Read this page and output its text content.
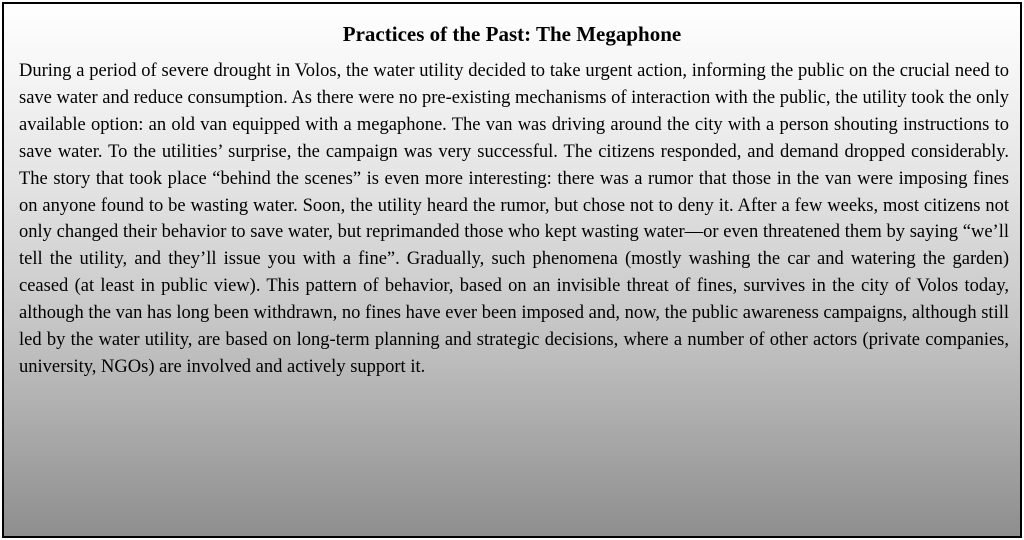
Practices of the Past: The Megaphone

During a period of severe drought in Volos, the water utility decided to take urgent action, informing the public on the crucial need to save water and reduce consumption. As there were no pre-existing mechanisms of interaction with the public, the utility took the only available option: an old van equipped with a megaphone. The van was driving around the city with a person shouting instructions to save water. To the utilities’ surprise, the campaign was very successful. The citizens responded, and demand dropped considerably. The story that took place “behind the scenes” is even more interesting: there was a rumor that those in the van were imposing fines on anyone found to be wasting water. Soon, the utility heard the rumor, but chose not to deny it. After a few weeks, most citizens not only changed their behavior to save water, but reprimanded those who kept wasting water—or even threatened them by saying “we’ll tell the utility, and they’ll issue you with a fine”. Gradually, such phenomena (mostly washing the car and watering the garden) ceased (at least in public view). This pattern of behavior, based on an invisible threat of fines, survives in the city of Volos today, although the van has long been withdrawn, no fines have ever been imposed and, now, the public awareness campaigns, although still led by the water utility, are based on long-term planning and strategic decisions, where a number of other actors (private companies, university, NGOs) are involved and actively support it.
